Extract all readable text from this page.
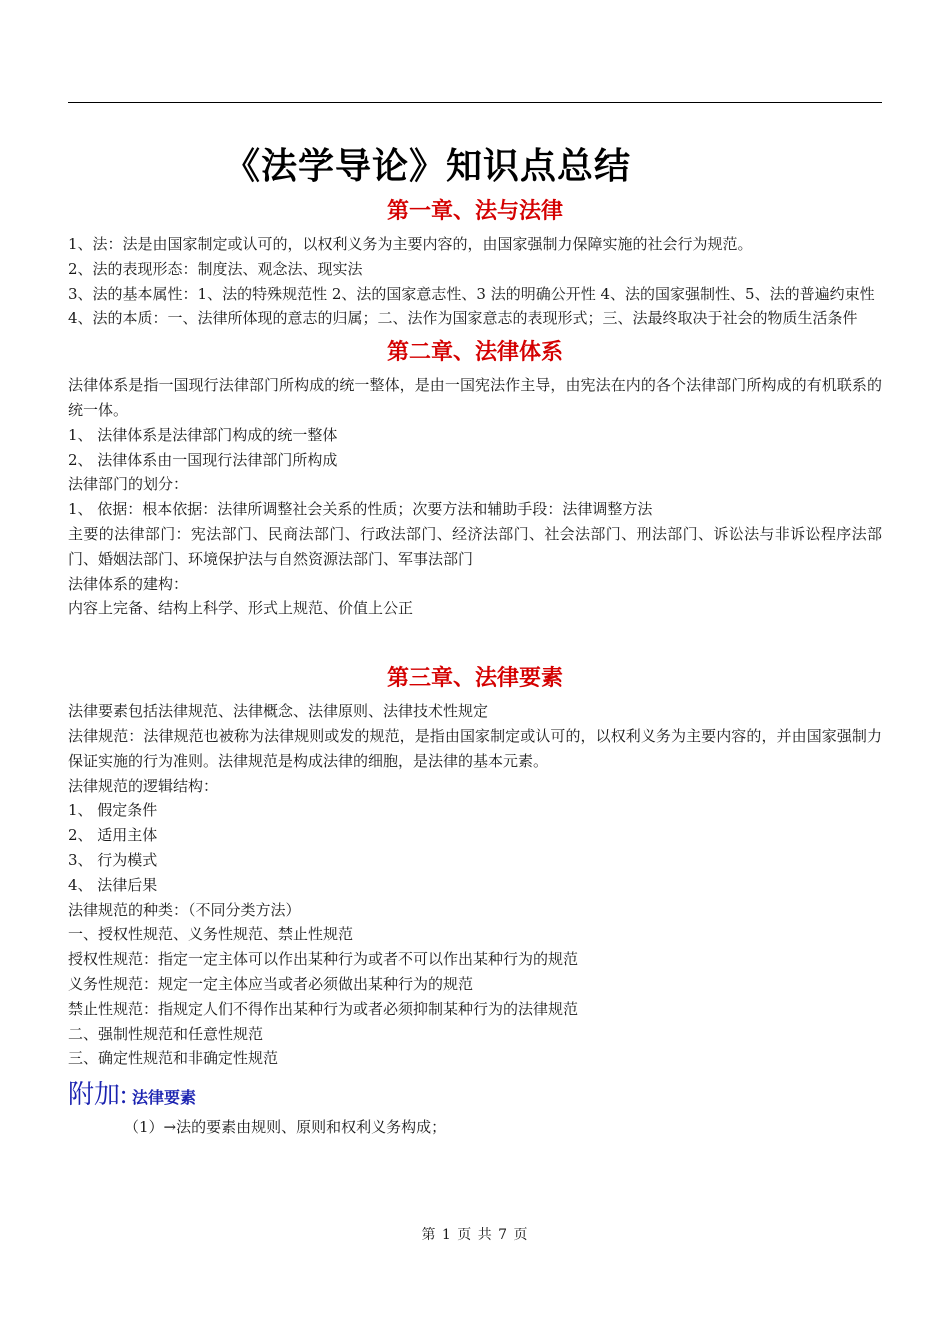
《法学导论》知识点总结
第一章、法与法律

1、法：法是由国家制定或认可的，以权利义务为主要内容的，由国家强制力保障实施的社会行为规范。

2、法的表现形态：制度法、观念法、现实法

3、法的基本属性：1、法的特殊规范性 2、法的国家意志性、3 法的明确公开性 4、法的国家强制性、5、法的普遍约束性

4、法的本质：一、法律所体现的意志的归属；二、法作为国家意志的表现形式；三、法最终取决于社会的物质生活条件

第二章、法律体系

法律体系是指一国现行法律部门所构成的统一整体，是由一国宪法作主导，由宪法在内的各个法律部门所构成的有机联系的统一体。

1、 法律体系是法律部门构成的统一整体

2、 法律体系由一国现行法律部门所构成

法律部门的划分：

1、 依据：根本依据：法律所调整社会关系的性质；次要方法和辅助手段：法律调整方法

主要的法律部门：宪法部门、民商法部门、行政法部门、经济法部门、社会法部门、刑法部门、诉讼法与非诉讼程序法部门、婚姻法部门、环境保护法与自然资源法部门、军事法部门

法律体系的建构：

内容上完备、结构上科学、形式上规范、价值上公正

第三章、法律要素

法律要素包括法律规范、法律概念、法律原则、法律技术性规定

法律规范：法律规范也被称为法律规则或发的规范，是指由国家制定或认可的，以权利义务为主要内容的，并由国家强制力保证实施的行为准则。法律规范是构成法律的细胞，是法律的基本元素。

法律规范的逻辑结构：

1、 假定条件

2、 适用主体

3、 行为模式

4、 法律后果

法律规范的种类：（不同分类方法）

一、授权性规范、义务性规范、禁止性规范

授权性规范：指定一定主体可以作出某种行为或者不可以作出某种行为的规范

义务性规范：规定一定主体应当或者必须做出某种行为的规范

禁止性规范：指规定人们不得作出某种行为或者必须抑制某种行为的法律规范

二、强制性规范和任意性规范

三、确定性规范和非确定性规范

附加: 法律要素

（1）→法的要素由规则、原则和权利义务构成；

第 1 页 共 7 页
